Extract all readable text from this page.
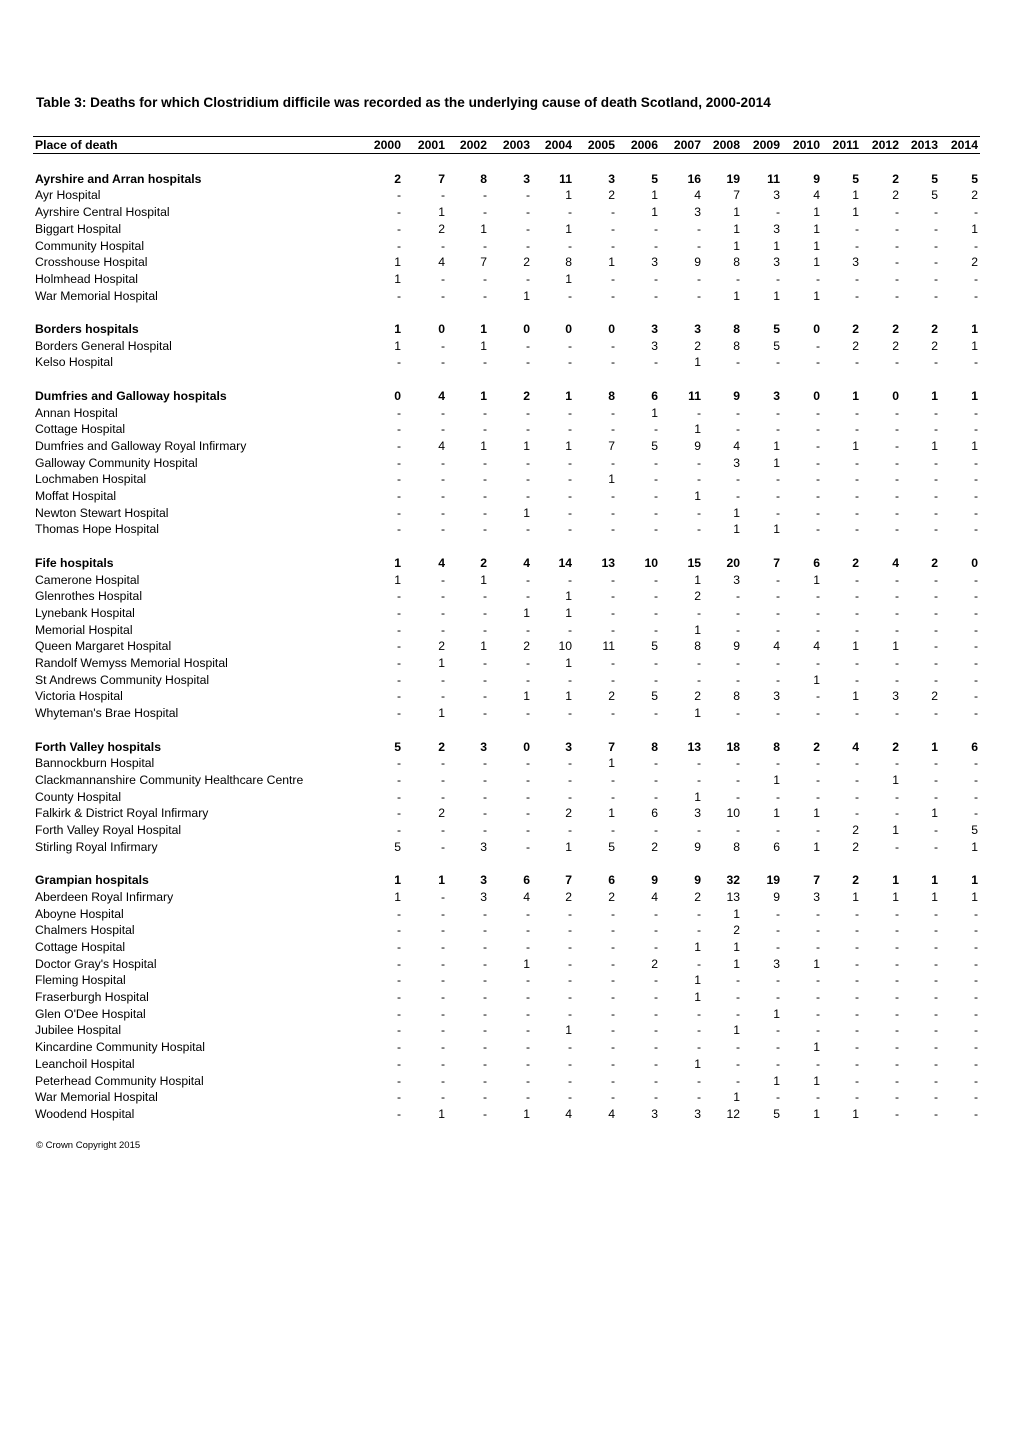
Table 3: Deaths for which Clostridium difficile was recorded as the underlying cause of death Scotland, 2000-2014
Place of death	2000	2001	2002	2003	2004	2005	2006	2007	2008	2009	2010	2011	2012	2013	2014

Ayrshire and Arran hospitals	2	7	8	3	11	3	5	16	19	11	9	5	2	5	5
Ayr Hospital	-	-	-	-	1	2	1	4	7	3	4	1	2	5	2
Ayrshire Central Hospital	-	1	-	-	-	-	1	3	1	-	1	1	-	-	-
Biggart Hospital	-	2	1	-	1	-	-	-	1	3	1	-	-	-	1
Community Hospital	-	-	-	-	-	-	-	-	1	1	1	-	-	-	-
Crosshouse Hospital	1	4	7	2	8	1	3	9	8	3	1	3	-	-	2
Holmhead Hospital	1	-	-	-	1	-	-	-	-	-	-	-	-	-	-
War Memorial Hospital	-	-	-	1	-	-	-	-	1	1	1	-	-	-	-

Borders hospitals	1	0	1	0	0	0	3	3	8	5	0	2	2	2	1
Borders General Hospital	1	-	1	-	-	-	3	2	8	5	-	2	2	2	1
Kelso Hospital	-	-	-	-	-	-	-	1	-	-	-	-	-	-	-

Dumfries and Galloway hospitals	0	4	1	2	1	8	6	11	9	3	0	1	0	1	1
Annan Hospital	-	-	-	-	-	-	1	-	-	-	-	-	-	-	-
Cottage Hospital	-	-	-	-	-	-	-	1	-	-	-	-	-	-	-
Dumfries and Galloway Royal Infirmary	-	4	1	1	1	7	5	9	4	1	-	1	-	1	1
Galloway Community Hospital	-	-	-	-	-	-	-	-	3	1	-	-	-	-	-
Lochmaben Hospital	-	-	-	-	-	1	-	-	-	-	-	-	-	-	-
Moffat Hospital	-	-	-	-	-	-	-	1	-	-	-	-	-	-	-
Newton Stewart Hospital	-	-	-	1	-	-	-	-	1	-	-	-	-	-	-
Thomas Hope Hospital	-	-	-	-	-	-	-	-	1	1	-	-	-	-	-

Fife hospitals	1	4	2	4	14	13	10	15	20	7	6	2	4	2	0
Camerone Hospital	1	-	1	-	-	-	-	1	3	-	1	-	-	-	-
Glenrothes Hospital	-	-	-	-	1	-	-	2	-	-	-	-	-	-	-
Lynebank Hospital	-	-	-	1	1	-	-	-	-	-	-	-	-	-	-
Memorial Hospital	-	-	-	-	-	-	-	1	-	-	-	-	-	-	-
Queen Margaret Hospital	-	2	1	2	10	11	5	8	9	4	4	1	1	-	-
Randolf Wemyss Memorial Hospital	-	1	-	-	1	-	-	-	-	-	-	-	-	-	-
St Andrews Community Hospital	-	-	-	-	-	-	-	-	-	-	1	-	-	-	-
Victoria Hospital	-	-	-	1	1	2	5	2	8	3	-	1	3	2	-
Whyteman's Brae Hospital	-	1	-	-	-	-	-	1	-	-	-	-	-	-	-

Forth Valley hospitals	5	2	3	0	3	7	8	13	18	8	2	4	2	1	6
Bannockburn Hospital	-	-	-	-	-	1	-	-	-	-	-	-	-	-	-
Clackmannanshire Community Healthcare Centre	-	-	-	-	-	-	-	-	-	1	-	-	1	-	-
County Hospital	-	-	-	-	-	-	-	1	-	-	-	-	-	-	-
Falkirk & District Royal Infirmary	-	2	-	-	2	1	6	3	10	1	1	-	-	1	-
Forth Valley Royal Hospital	-	-	-	-	-	-	-	-	-	-	-	2	1	-	5
Stirling Royal Infirmary	5	-	3	-	1	5	2	9	8	6	1	2	-	-	1

Grampian hospitals	1	1	3	6	7	6	9	9	32	19	7	2	1	1	1
Aberdeen Royal Infirmary	1	-	3	4	2	2	4	2	13	9	3	1	1	1	1
Aboyne Hospital	-	-	-	-	-	-	-	-	1	-	-	-	-	-	-
Chalmers Hospital	-	-	-	-	-	-	-	-	2	-	-	-	-	-	-
Cottage Hospital	-	-	-	-	-	-	-	1	1	-	-	-	-	-	-
Doctor Gray's Hospital	-	-	-	1	-	-	2	-	1	3	1	-	-	-	-
Fleming Hospital	-	-	-	-	-	-	-	1	-	-	-	-	-	-	-
Fraserburgh Hospital	-	-	-	-	-	-	-	1	-	-	-	-	-	-	-
Glen O'Dee Hospital	-	-	-	-	-	-	-	-	-	1	-	-	-	-	-
Jubilee Hospital	-	-	-	-	1	-	-	-	1	-	-	-	-	-	-
Kincardine Community Hospital	-	-	-	-	-	-	-	-	-	-	1	-	-	-	-
Leanchoil Hospital	-	-	-	-	-	-	-	1	-	-	-	-	-	-	-
Peterhead Community Hospital	-	-	-	-	-	-	-	-	-	1	1	-	-	-	-
War Memorial Hospital	-	-	-	-	-	-	-	-	1	-	-	-	-	-	-
Woodend Hospital	-	1	-	1	4	4	3	3	12	5	1	1	-	-	-
© Crown Copyright 2015
